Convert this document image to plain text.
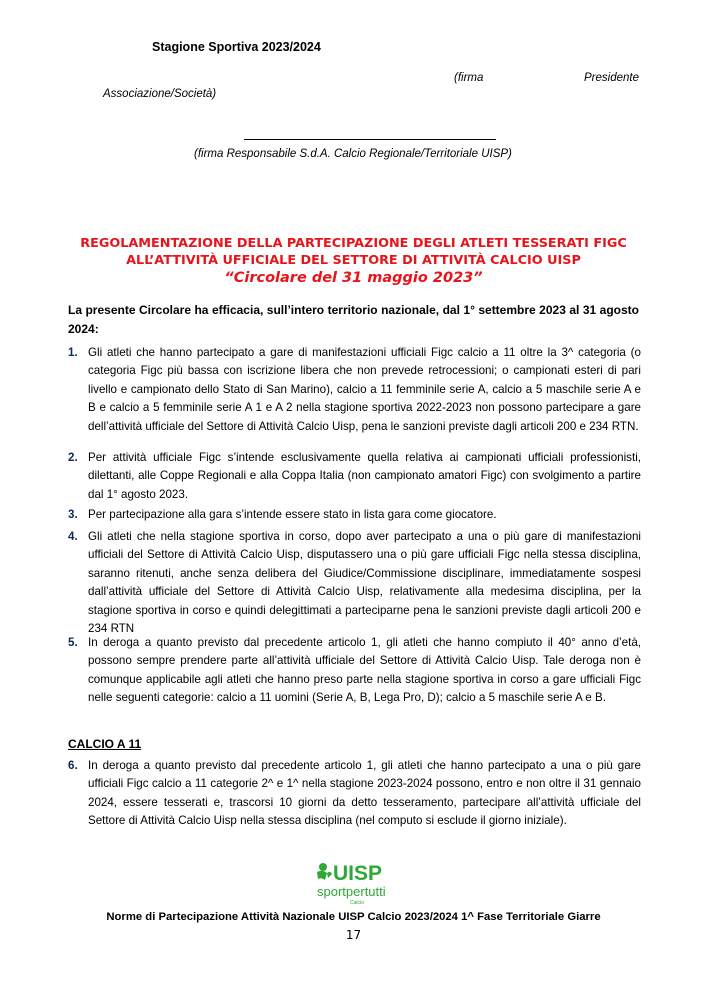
Stagione Sportiva 2023/2024
(firma	Presidente
Associazione/Società)
(firma Responsabile S.d.A. Calcio Regionale/Territoriale UISP)
REGOLAMENTAZIONE DELLA PARTECIPAZIONE DEGLI ATLETI TESSERATI FIGC
ALL’ATTIVITÀ UFFICIALE DEL SETTORE DI ATTIVITÀ CALCIO UISP
“Circolare del 31 maggio 2023”
La presente Circolare ha efficacia, sull’intero territorio nazionale, dal 1° settembre 2023 al 31 agosto 2024:
1. Gli atleti che hanno partecipato a gare di manifestazioni ufficiali Figc calcio a 11 oltre la 3^ categoria (o categoria Figc più bassa con iscrizione libera che non prevede retrocessioni; o campionati esteri di pari livello e campionato dello Stato di San Marino), calcio a 11 femminile serie A, calcio a 5 maschile serie A e B e calcio a 5 femminile serie A 1 e A 2 nella stagione sportiva 2022-2023 non possono partecipare a gare dell’attività ufficiale del Settore di Attività Calcio Uisp, pena le sanzioni previste dagli articoli 200 e 234 RTN.
2. Per attività ufficiale Figc s’intende esclusivamente quella relativa ai campionati ufficiali professionisti, dilettanti, alle Coppe Regionali e alla Coppa Italia (non campionato amatori Figc) con svolgimento a partire dal 1° agosto 2023.
3. Per partecipazione alla gara s’intende essere stato in lista gara come giocatore.
4. Gli atleti che nella stagione sportiva in corso, dopo aver partecipato a una o più gare di manifestazioni ufficiali del Settore di Attività Calcio Uisp, disputassero una o più gare ufficiali Figc nella stessa disciplina, saranno ritenuti, anche senza delibera del Giudice/Commissione disciplinare, immediatamente sospesi dall’attività ufficiale del Settore di Attività Calcio Uisp, relativamente alla medesima disciplina, per la stagione sportiva in corso e quindi delegittimati a parteciparne pena le sanzioni previste dagli articoli 200 e 234 RTN
5. In deroga a quanto previsto dal precedente articolo 1, gli atleti che hanno compiuto il 40° anno d’età, possono sempre prendere parte all’attività ufficiale del Settore di Attività Calcio Uisp. Tale deroga non è comunque applicabile agli atleti che hanno preso parte nella stagione sportiva in corso a gare ufficiali Figc nelle seguenti categorie: calcio a 11 uomini (Serie A, B, Lega Pro, D); calcio a 5 maschile serie A e B.
CALCIO A 11
6. In deroga a quanto previsto dal precedente articolo 1, gli atleti che hanno partecipato a una o più gare ufficiali Figc calcio a 11 categorie 2^ e 1^ nella stagione 2023-2024 possono, entro e non oltre il 31 gennaio 2024, essere tesserati e, trascorsi 10 giorni da detto tesseramento, partecipare all’attività ufficiale del Settore di Attività Calcio Uisp nella stessa disciplina (nel computo si esclude il giorno iniziale).
UISP
sportpertutti
Calcio
Norme di Partecipazione Attività Nazionale UISP Calcio 2023/2024 1^ Fase Territoriale Giarre
17
